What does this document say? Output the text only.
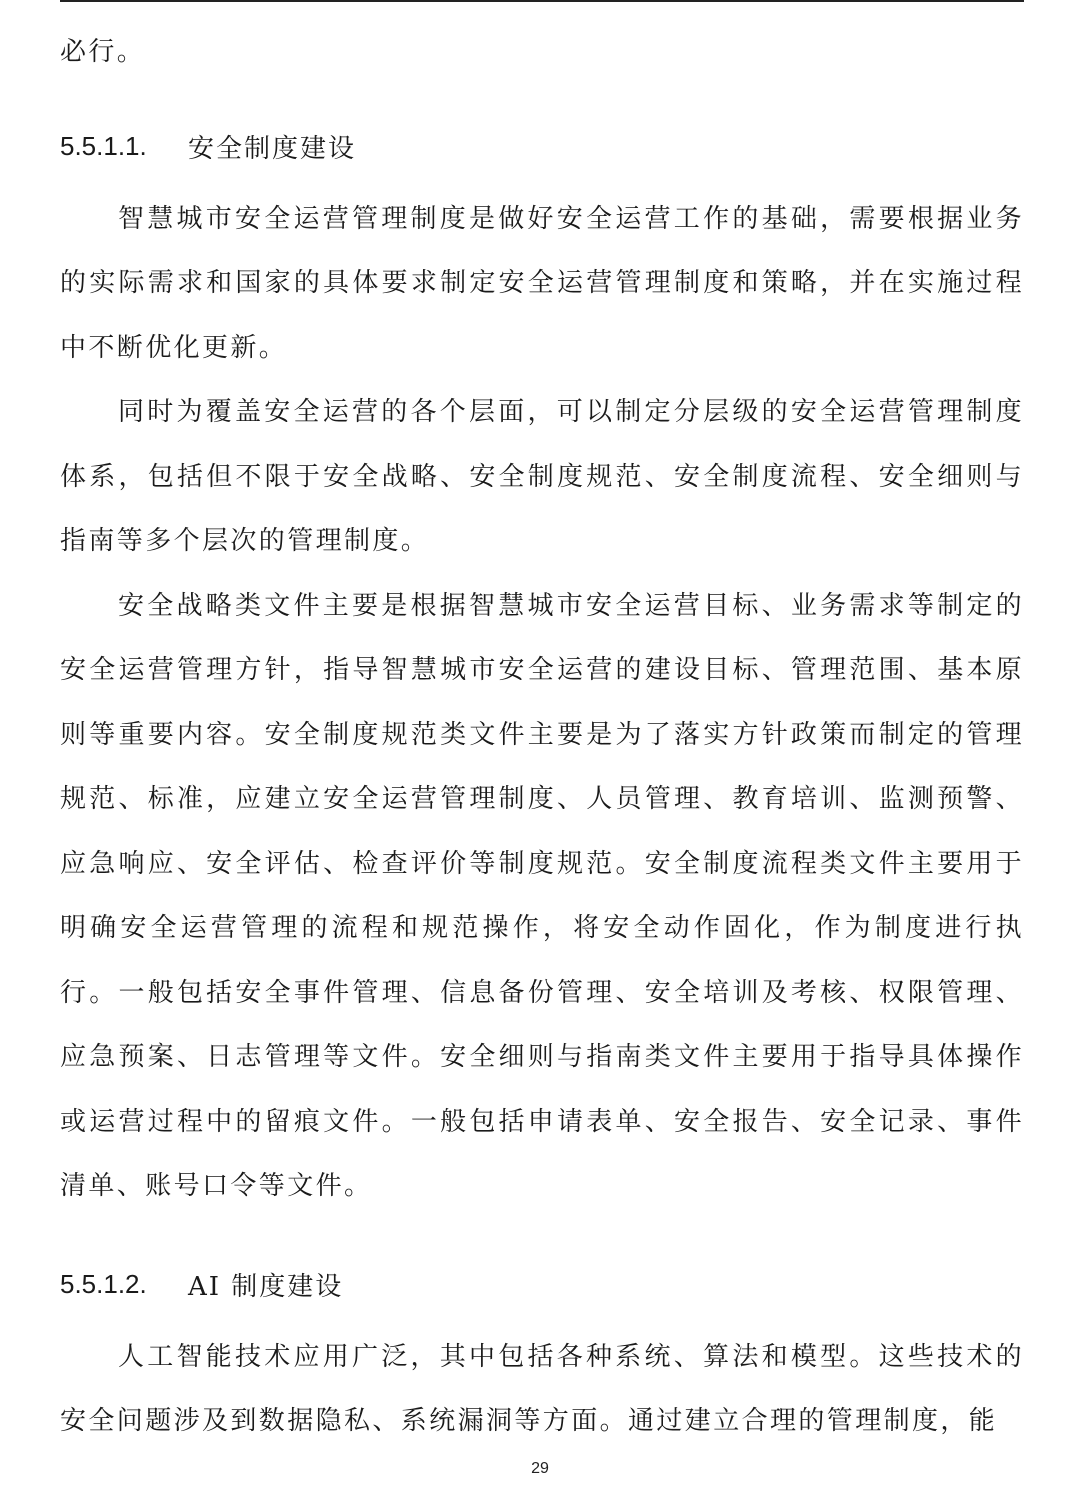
必行。

5.5.1.1.	安全制度建设

智慧城市安全运营管理制度是做好安全运营工作的基础，需要根据业务的实际需求和国家的具体要求制定安全运营管理制度和策略，并在实施过程中不断优化更新。

同时为覆盖安全运营的各个层面，可以制定分层级的安全运营管理制度体系，包括但不限于安全战略、安全制度规范、安全制度流程、安全细则与指南等多个层次的管理制度。

安全战略类文件主要是根据智慧城市安全运营目标、业务需求等制定的安全运营管理方针，指导智慧城市安全运营的建设目标、管理范围、基本原则等重要内容。安全制度规范类文件主要是为了落实方针政策而制定的管理规范、标准，应建立安全运营管理制度、人员管理、教育培训、监测预警、应急响应、安全评估、检查评价等制度规范。安全制度流程类文件主要用于明确安全运营管理的流程和规范操作，将安全动作固化，作为制度进行执行。一般包括安全事件管理、信息备份管理、安全培训及考核、权限管理、应急预案、日志管理等文件。安全细则与指南类文件主要用于指导具体操作或运营过程中的留痕文件。一般包括申请表单、安全报告、安全记录、事件清单、账号口令等文件。

5.5.1.2.	AI 制度建设

人工智能技术应用广泛，其中包括各种系统、算法和模型。这些技术的安全问题涉及到数据隐私、系统漏洞等方面。通过建立合理的管理制度，能

29
